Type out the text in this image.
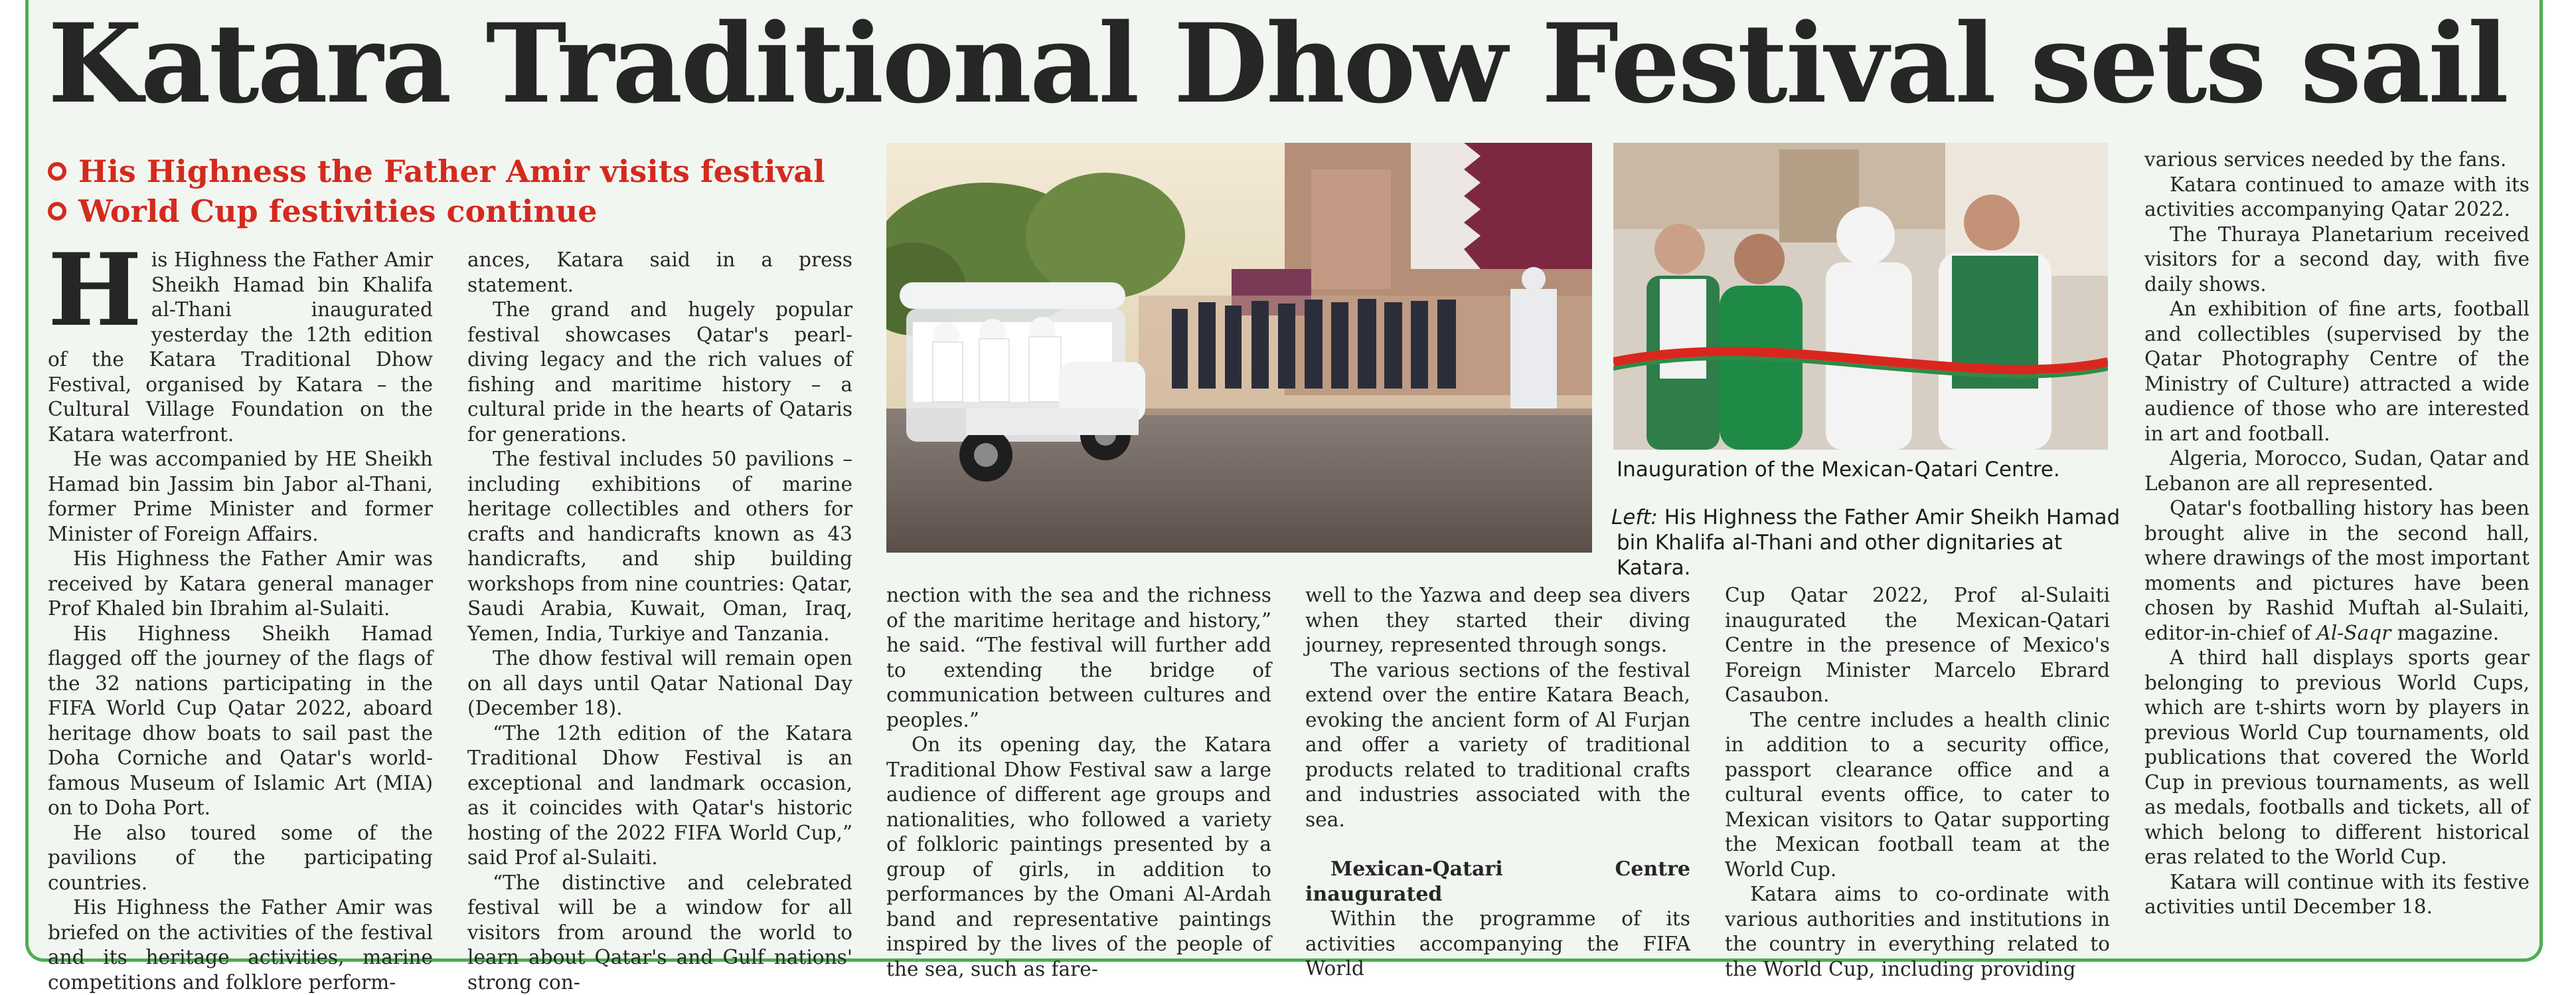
Katara Traditional Dhow Festival sets sail
His Highness the Father Amir visits festival
World Cup festivities continue

His Highness the Father Amir Sheikh Hamad bin Khalifa al-Thani inaugurated yesterday the 12th edition of the Katara Traditional Dhow Festival, organised by Katara – the Cultural Village Foundation on the Katara waterfront.

He was accompanied by HE Sheikh Hamad bin Jassim bin Jabor al-Thani, former Prime Minister and former Minister of Foreign Affairs.

His Highness the Father Amir was received by Katara general manager Prof Khaled bin Ibrahim al-Sulaiti.

His Highness Sheikh Hamad flagged off the journey of the flags of the 32 nations participating in the FIFA World Cup Qatar 2022, aboard heritage dhow boats to sail past the Doha Corniche and Qatar's world-famous Museum of Islamic Art (MIA) on to Doha Port.

He also toured some of the pavilions of the participating countries.

His Highness the Father Amir was briefed on the activities of the festival and its heritage activities, marine competitions and folklore perform-

ances, Katara said in a press statement.

The grand and hugely popular festival showcases Qatar's pearl-diving legacy and the rich values of fishing and maritime history – a cultural pride in the hearts of Qataris for generations.

The festival includes 50 pavilions – including exhibitions of marine heritage collectibles and others for crafts and handicrafts known as 43 handicrafts, and ship building workshops from nine countries: Qatar, Saudi Arabia, Kuwait, Oman, Iraq, Yemen, India, Turkiye and Tanzania.

The dhow festival will remain open on all days until Qatar National Day (December 18).

“The 12th edition of the Katara Traditional Dhow Festival is an exceptional and landmark occasion, as it coincides with Qatar's historic hosting of the 2022 FIFA World Cup,” said Prof al-Sulaiti.

“The distinctive and celebrated festival will be a window for all visitors from around the world to learn about Qatar's and Gulf nations' strong con-

Inauguration of the Mexican-Qatari Centre.
Left: His Highness the Father Amir Sheikh Hamad
bin Khalifa al-Thani and other dignitaries at Katara.

nection with the sea and the richness of the maritime heritage and history,” he said. “The festival will further add to extending the bridge of communication between cultures and peoples.”

On its opening day, the Katara Traditional Dhow Festival saw a large audience of different age groups and nationalities, who followed a variety of folkloric paintings presented by a group of girls, in addition to performances by the Omani Al-Ardah band and representative paintings inspired by the lives of the people of the sea, such as fare-

well to the Yazwa and deep sea divers when they started their diving journey, represented through songs.

The various sections of the festival extend over the entire Katara Beach, evoking the ancient form of Al Furjan and offer a variety of traditional products related to traditional crafts and industries associated with the sea.

Mexican-Qatari Centre inaugurated

Within the programme of its activities accompanying the FIFA World

Cup Qatar 2022, Prof al-Sulaiti inaugurated the Mexican-Qatari Centre in the presence of Mexico's Foreign Minister Marcelo Ebrard Casaubon.

The centre includes a health clinic in addition to a security office, passport clearance office and a cultural events office, to cater to Mexican visitors to Qatar supporting the Mexican football team at the World Cup.

Katara aims to co-ordinate with various authorities and institutions in the country in everything related to the World Cup, including providing

various services needed by the fans.

Katara continued to amaze with its activities accompanying Qatar 2022.

The Thuraya Planetarium received visitors for a second day, with five daily shows.

An exhibition of fine arts, football and collectibles (supervised by the Qatar Photography Centre of the Ministry of Culture) attracted a wide audience of those who are interested in art and football.

Algeria, Morocco, Sudan, Qatar and Lebanon are all represented.

Qatar's footballing history has been brought alive in the second hall, where drawings of the most important moments and pictures have been chosen by Rashid Muftah al-Sulaiti, editor-in-chief of Al-Saqr magazine.

A third hall displays sports gear belonging to previous World Cups, which are t-shirts worn by players in previous World Cup tournaments, old publications that covered the World Cup in previous tournaments, as well as medals, footballs and tickets, all of which belong to different historical eras related to the World Cup.

Katara will continue with its festive activities until December 18.
